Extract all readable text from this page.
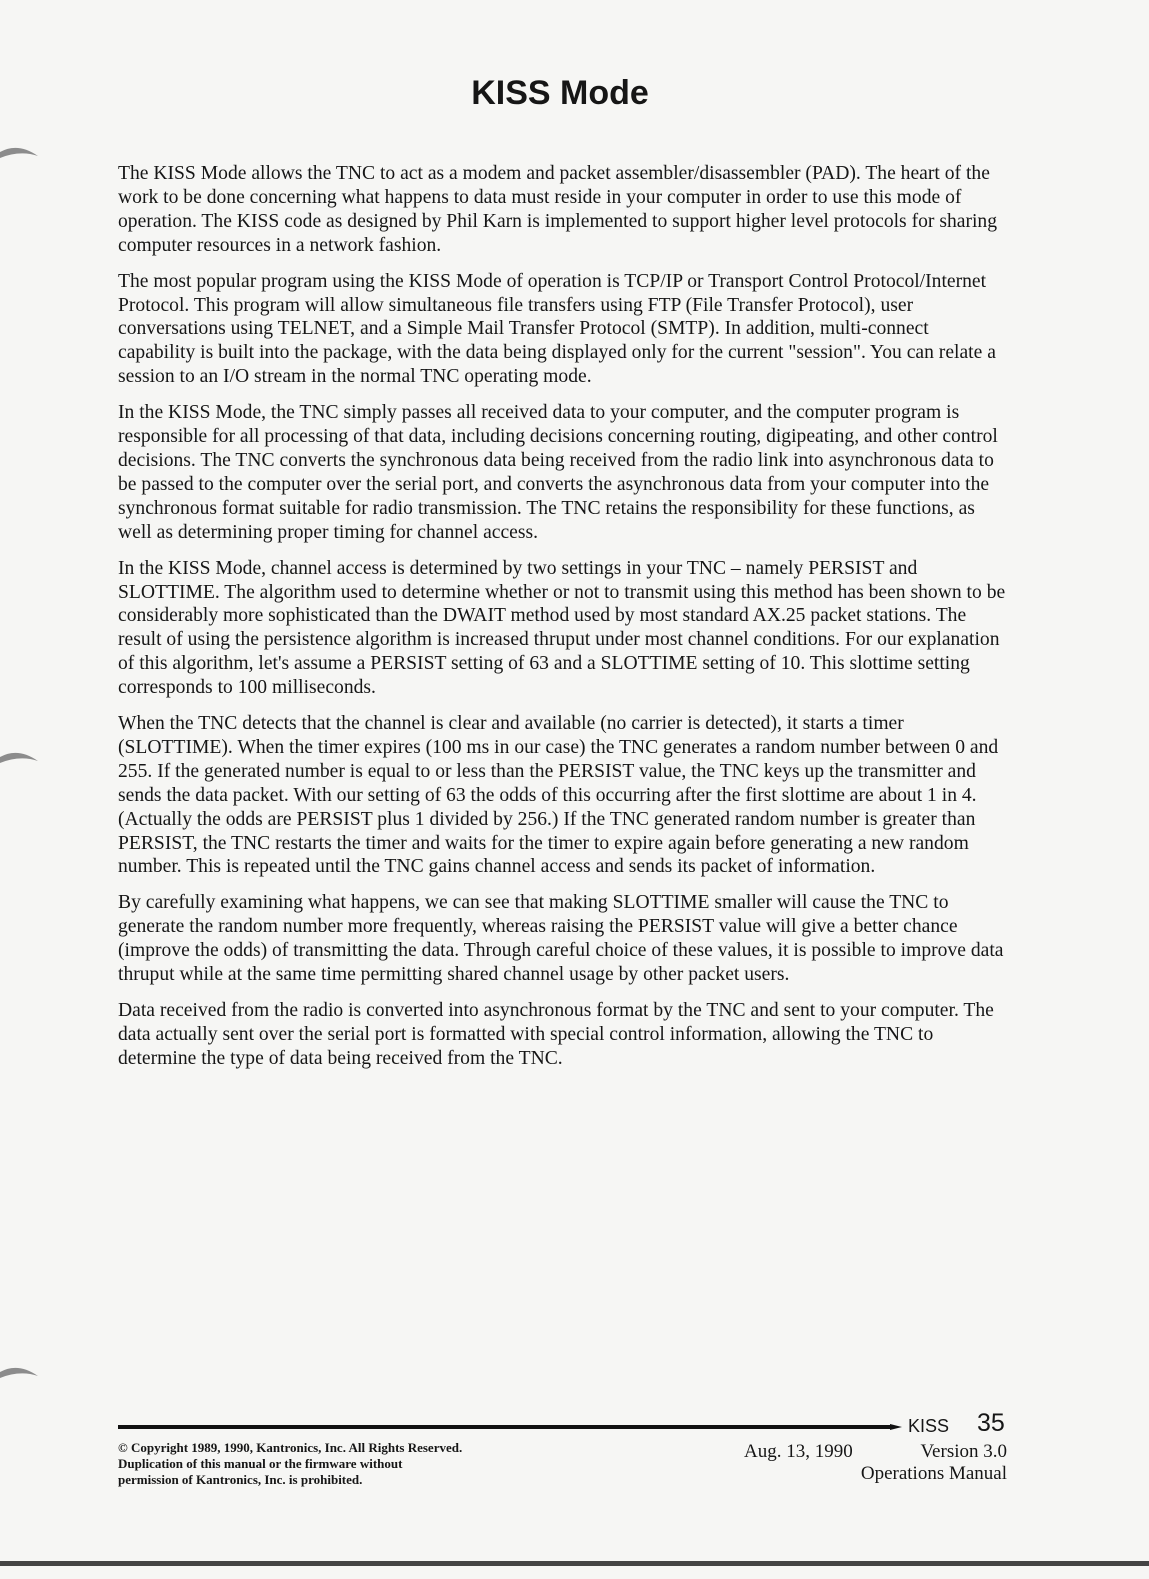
KISS Mode

The KISS Mode allows the TNC to act as a modem and packet assembler/disassembler (PAD). The heart of the work to be done concerning what happens to data must reside in your computer in order to use this mode of operation. The KISS code as designed by Phil Karn is implemented to support higher level protocols for sharing computer resources in a network fashion.

The most popular program using the KISS Mode of operation is TCP/IP or Transport Control Protocol/Internet Protocol. This program will allow simultaneous file transfers using FTP (File Transfer Protocol), user conversations using TELNET, and a Simple Mail Transfer Protocol (SMTP). In addition, multi-connect capability is built into the package, with the data being displayed only for the current "session". You can relate a session to an I/O stream in the normal TNC operating mode.

In the KISS Mode, the TNC simply passes all received data to your computer, and the computer program is responsible for all processing of that data, including decisions concerning routing, digipeating, and other control decisions. The TNC converts the synchronous data being received from the radio link into asynchronous data to be passed to the computer over the serial port, and converts the asynchronous data from your computer into the synchronous format suitable for radio transmission. The TNC retains the responsibility for these functions, as well as determining proper timing for channel access.

In the KISS Mode, channel access is determined by two settings in your TNC – namely PERSIST and SLOTTIME. The algorithm used to determine whether or not to transmit using this method has been shown to be considerably more sophisticated than the DWAIT method used by most standard AX.25 packet stations. The result of using the persistence algorithm is increased thruput under most channel conditions. For our explanation of this algorithm, let's assume a PERSIST setting of 63 and a SLOTTIME setting of 10. This slottime setting corresponds to 100 milliseconds.

When the TNC detects that the channel is clear and available (no carrier is detected), it starts a timer (SLOTTIME). When the timer expires (100 ms in our case) the TNC generates a random number between 0 and 255. If the generated number is equal to or less than the PERSIST value, the TNC keys up the transmitter and sends the data packet. With our setting of 63 the odds of this occurring after the first slottime are about 1 in 4. (Actually the odds are PERSIST plus 1 divided by 256.) If the TNC generated random number is greater than PERSIST, the TNC restarts the timer and waits for the timer to expire again before generating a new random number. This is repeated until the TNC gains channel access and sends its packet of information.

By carefully examining what happens, we can see that making SLOTTIME smaller will cause the TNC to generate the random number more frequently, whereas raising the PERSIST value will give a better chance (improve the odds) of transmitting the data. Through careful choice of these values, it is possible to improve data thruput while at the same time permitting shared channel usage by other packet users.

Data received from the radio is converted into asynchronous format by the TNC and sent to your computer. The data actually sent over the serial port is formatted with special control information, allowing the TNC to determine the type of data being received from the TNC.

KISS 35
© Copyright 1989, 1990, Kantronics, Inc. All Rights Reserved.
Duplication of this manual or the firmware without
permission of Kantronics, Inc. is prohibited.
Aug. 13, 1990	Version 3.0
Operations Manual
